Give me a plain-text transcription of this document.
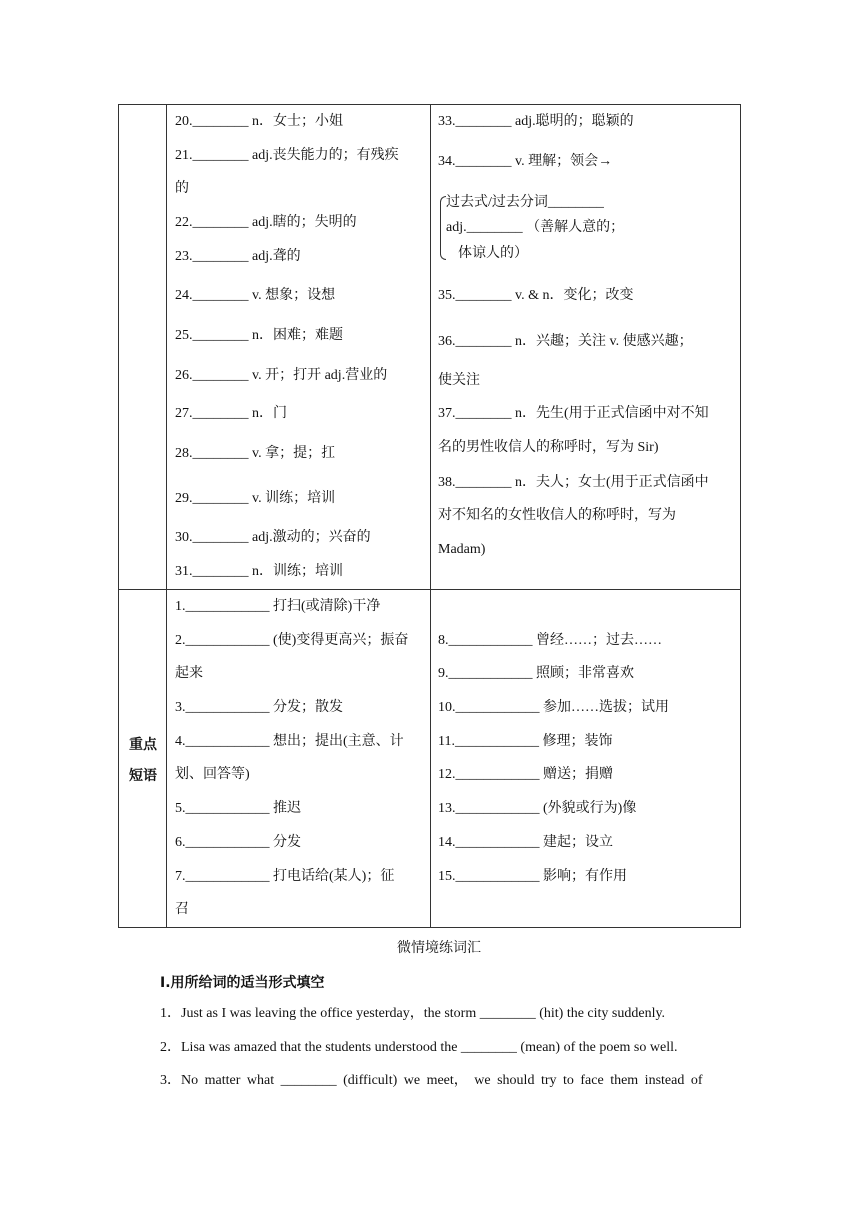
20.________ n．女士；小姐
21.________ adj.丧失能力的；有残疾
的
22.________ adj.瞎的；失明的
23.________ adj.聋的
24.________ v. 想象；设想
25.________ n．困难；难题
26.________ v. 开；打开 adj.营业的
27.________ n．门
28.________ v. 拿；提；扛
29.________ v. 训练；培训
30.________ adj.激动的；兴奋的
31.________ n．训练；培训
33.________ adj.聪明的；聪颖的
34.________ v. 理解；领会→
过去式/过去分词________
adj.________ （善解人意的；
体谅人的）
35.________ v. & n．变化；改变
36.________ n．兴趣；关注 v. 使感兴趣；
使关注
37.________ n．先生(用于正式信函中对不知
名的男性收信人的称呼时，写为 Sir)
38.________ n．夫人；女士(用于正式信函中
对不知名的女性收信人的称呼时，写为
Madam)
重点
短语
1.____________ 打扫(或清除)干净
2.____________ (使)变得更高兴；振奋
起来
3.____________ 分发；散发
4.____________ 想出；提出(主意、计
划、回答等)
5.____________ 推迟
6.____________ 分发
7.____________ 打电话给(某人)；征
召
8.____________ 曾经……；过去……
9.____________ 照顾；非常喜欢
10.____________ 参加……选拔；试用
11.____________ 修理；装饰
12.____________ 赠送；捐赠
13.____________ (外貌或行为)像
14.____________ 建起；设立
15.____________ 影响；有作用
微情境练词汇
Ⅰ.用所给词的适当形式填空
1．Just as I was leaving the office yesterday，the storm ________ (hit) the city suddenly.
2．Lisa was amazed that the students understood the ________ (mean) of the poem so well.
3．No matter what ________ (difficult) we meet， we should try to face them instead of
